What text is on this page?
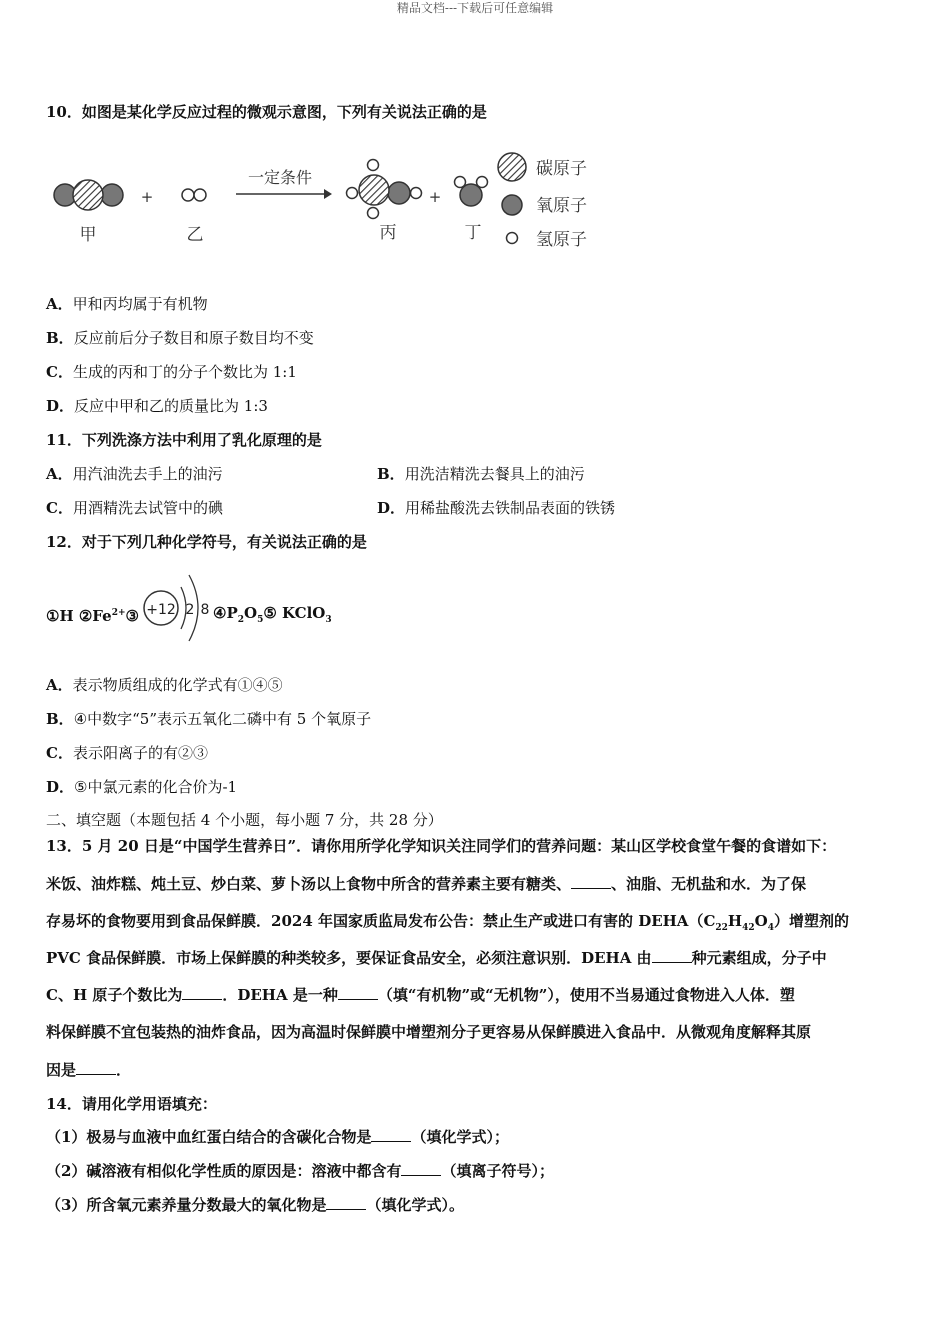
精品文档---下载后可任意编辑
10．如图是某化学反应过程的微观示意图，下列有关说法正确的是
甲
+
乙
一定条件
丙
+
丁
碳原子
氧原子
氢原子
A．甲和丙均属于有机物
B．反应前后分子数目和原子数目均不变
C．生成的丙和丁的分子个数比为 1:1
D．反应中甲和乙的质量比为 1:3
11．下列洗涤方法中利用了乳化原理的是
A．用汽油洗去手上的油污	B．用洗洁精洗去餐具上的油污
C．用酒精洗去试管中的碘	D．用稀盐酸洗去铁制品表面的铁锈
12．对于下列几种化学符号，有关说法正确的是
①H $②Fe^{2+}③ +12$ 2 8 $④P_2O_5⑤$ KClO$_3$
A．表示物质组成的化学式有①④⑤
B．④中数字“5”表示五氧化二磷中有 5 个氧原子
C．表示阳离子的有②③
D．⑤中氯元素的化合价为-1
二、填空题（本题包括 4 个小题，每小题 7 分，共 28 分）
13．5 月 20 日是“中国学生营养日”．请你用所学化学知识关注同学们的营养问题：某山区学校食堂午餐的食谱如下：
米饭、油炸糕、炖土豆、炒白菜、萝卜汤以上食物中所含的营养素主要有糖类、	、油脂、无机盐和水．为了保
存易坏的食物要用到食品保鲜膜．2024 年国家质监局发布公告：禁止生产或进口有害的 $DEHA(C_{22}H_{42}O_4)$增塑剂的
PVC 食品保鲜膜．市场上保鲜膜的种类较多，要保证食品安全，必须注意识别．DEHA 由	种元素组成，分子中
C、H 原子个数比为	．DEHA 是一种	（填“有机物”或“无机物”），使用不当易通过食物进入人体．塑
料保鲜膜不宜包装热的油炸食品，因为高温时保鲜膜中增塑剂分子更容易从保鲜膜进入食品中．从微观角度解释其原
因是	．
14．请用化学用语填充：
（1）极易与血液中血红蛋白结合的含碳化合物是	（填化学式）；
（2）碱溶液有相似化学性质的原因是：溶液中都含有	（填离子符号）；
（3）所含氧元素养量分数最大的氧化物是	（填化学式）。
